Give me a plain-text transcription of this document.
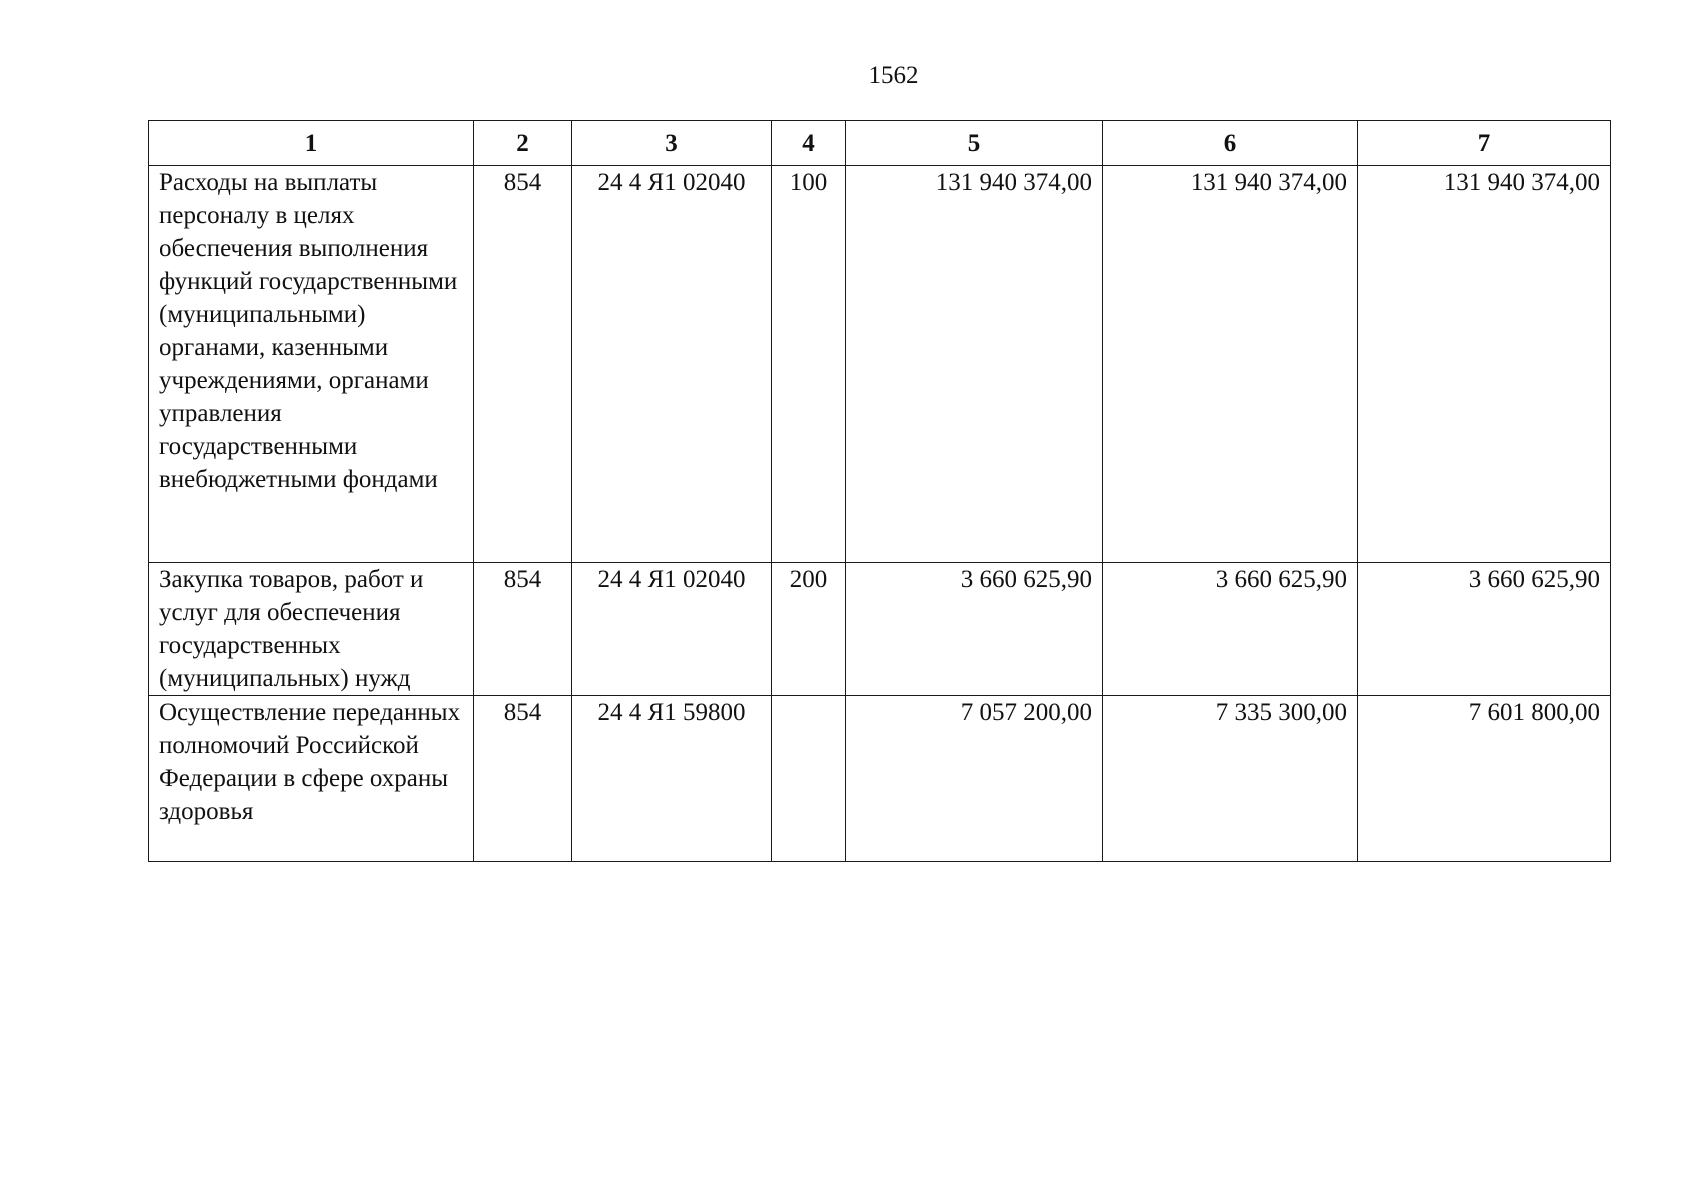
1562
1	2	3	4	5	6	7
Расходы на выплаты персоналу в целях обеспечения выполнения функций государственными (муниципальными) органами, казенными учреждениями, органами управления государственными внебюджетными фондами	854	24 4 Я1 02040	100	131 940 374,00	131 940 374,00	131 940 374,00
Закупка товаров, работ и услуг для обеспечения государственных (муниципальных) нужд	854	24 4 Я1 02040	200	3 660 625,90	3 660 625,90	3 660 625,90
Осуществление переданных полномочий Российской Федерации в сфере охраны здоровья	854	24 4 Я1 59800		7 057 200,00	7 335 300,00	7 601 800,00
